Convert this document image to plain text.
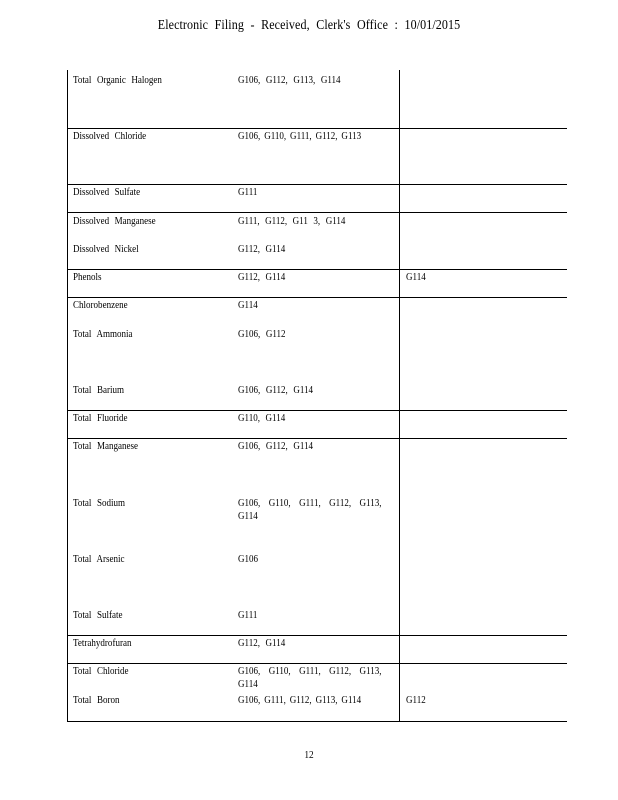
Electronic Filing - Received, Clerk's Office : 10/01/2015
Total Organic Halogen	G106, G112, G113, G114
Dissolved Chloride	G106, G110, G111, G112, G113
Dissolved Sulfate	G111
Dissolved Manganese	G111, G112, G11 3, G114
Dissolved Nickel	G112, G114
Phenols	G112, G114	G114
Chlorobenzene	G114
Total Ammonia	G106, G112
Total Barium	G106, G112, G114
Total Fluoride	G110, G114
Total Manganese	G106, G112, G114
Total Sodium	G106, G110, G111, G112, G113, G114
Total Arsenic	G106
Total Sulfate	G111
Tetrahydrofuran	G112, G114
Total Chloride	G106, G110, G111, G112, G113, G114
Total Boron	G106, G111, G112, G113, G114	G112
12
